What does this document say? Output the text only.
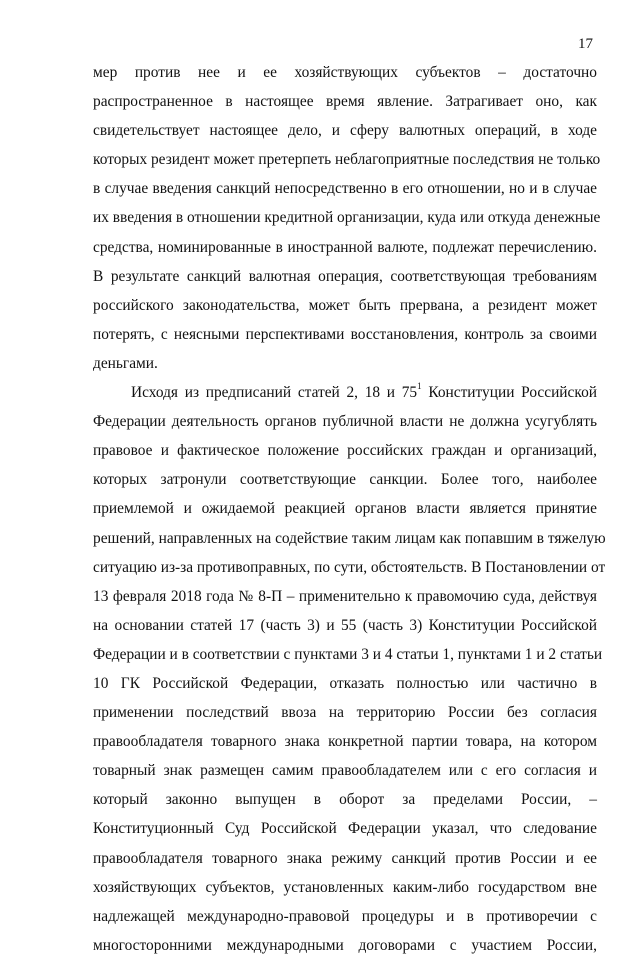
17
мер против нее и ее хозяйствующих субъектов – достаточно
распространенное в настоящее время явление. Затрагивает оно, как
свидетельствует настоящее дело, и сферу валютных операций, в ходе
которых резидент может претерпеть неблагоприятные последствия не только
в случае введения санкций непосредственно в его отношении, но и в случае
их введения в отношении кредитной организации, куда или откуда денежные
средства, номинированные в иностранной валюте, подлежат перечислению.
В результате санкций валютная операция, соответствующая требованиям
российского законодательства, может быть прервана, а резидент может
потерять, с неясными перспективами восстановления, контроль за своими
деньгами.
Исходя из предписаний статей 2, 18 и $75^1$ Конституции Российской
Федерации деятельность органов публичной власти не должна усугублять
правовое и фактическое положение российских граждан и организаций,
которых затронули соответствующие санкции. Более того, наиболее
приемлемой и ожидаемой реакцией органов власти является принятие
решений, направленных на содействие таким лицам как попавшим в тяжелую
ситуацию из-за противоправных, по сути, обстоятельств. В Постановлении от
13 февраля 2018 года № 8-П – применительно к правомочию суда, действуя
на основании статей 17 (часть 3) и 55 (часть 3) Конституции Российской
Федерации и в соответствии с пунктами 3 и 4 статьи 1, пунктами 1 и 2 статьи
10 ГК Российской Федерации, отказать полностью или частично в
применении последствий ввоза на территорию России без согласия
правообладателя товарного знака конкретной партии товара, на котором
товарный знак размещен самим правообладателем или с его согласия и
который законно выпущен в оборот за пределами России, –
Конституционный Суд Российской Федерации указал, что следование
правообладателя товарного знака режиму санкций против России и ее
хозяйствующих субъектов, установленных каким-либо государством вне
надлежащей международно-правовой процедуры и в противоречии с
многосторонними международными договорами с участием России,
